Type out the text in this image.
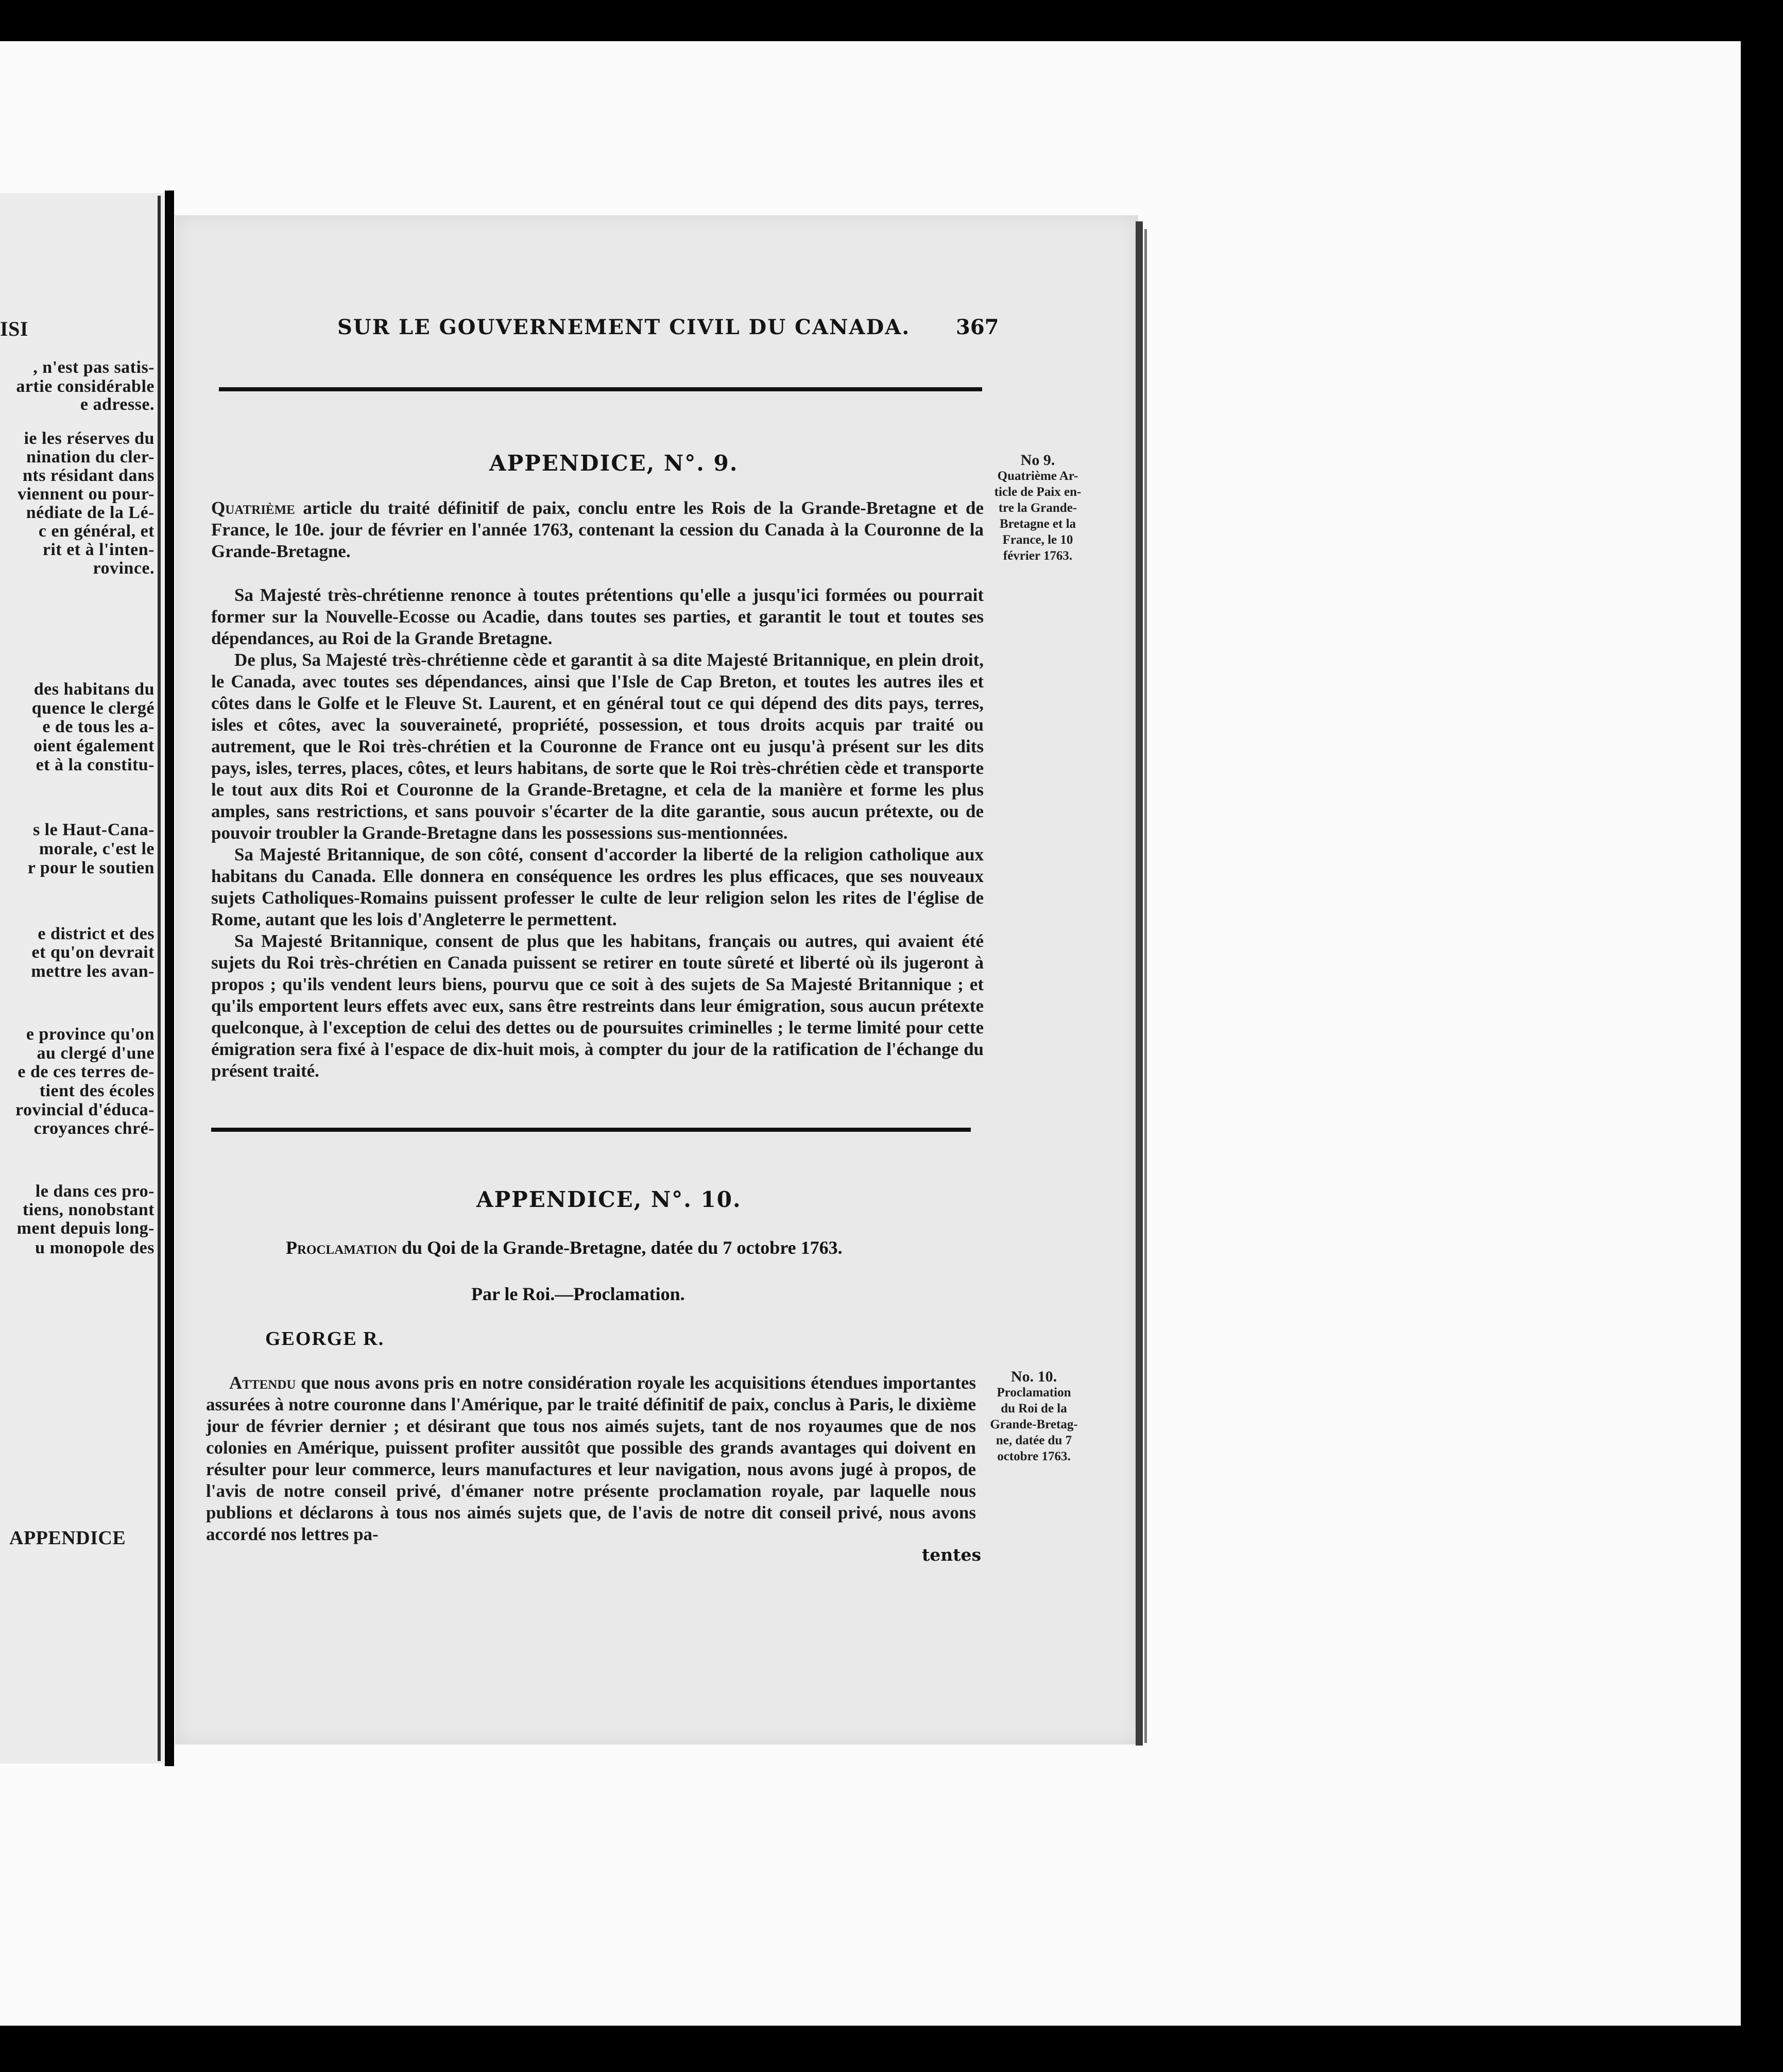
ISI
, n'est pas satis-
artie considérable
e adresse.
ie les réserves du
nination du cler-
nts résidant dans
viennent ou pour-
nédiate de la Lé-
c en général, et
rit et à l'inten-
rovince.
des habitans du
quence le clergé
e de tous les a-
oient également
et à la constitu-
s le Haut-Cana-
morale, c'est le
r pour le soutien
e district et des
et qu'on devrait
mettre les avan-
e province qu'on
au clergé d'une
e de ces terres de-
tient des écoles
rovincial d'éduca-
croyances chré-
le dans ces pro-
tiens, nonobstant
ment depuis long-
u monopole des
APPENDICE
SUR LE GOUVERNEMENT CIVIL DU CANADA. 367
APPENDICE, N°. 9.
Quatrième article du traité définitif de paix, conclu entre les Rois de la Grande-Bretagne et de France, le 10e. jour de février en l'année 1763, contenant la cession du Canada à la Couronne de la Grande-Bretagne.
No 9.
Quatrième Ar-
ticle de Paix en-
tre la Grande-
Bretagne et la
France, le 10
février 1763.

Sa Majesté très-chrétienne renonce à toutes prétentions qu'elle a jusqu'ici formées ou pourrait former sur la Nouvelle-Ecosse ou Acadie, dans toutes ses parties, et garantit le tout et toutes ses dépendances, au Roi de la Grande Bretagne.

De plus, Sa Majesté très-chrétienne cède et garantit à sa dite Majesté Britannique, en plein droit, le Canada, avec toutes ses dépendances, ainsi que l'Isle de Cap Breton, et toutes les autres iles et côtes dans le Golfe et le Fleuve St. Laurent, et en général tout ce qui dépend des dits pays, terres, isles et côtes, avec la souveraineté, propriété, possession, et tous droits acquis par traité ou autrement, que le Roi très-chrétien et la Couronne de France ont eu jusqu'à présent sur les dits pays, isles, terres, places, côtes, et leurs habitans, de sorte que le Roi très-chrétien cède et transporte le tout aux dits Roi et Couronne de la Grande-Bretagne, et cela de la manière et forme les plus amples, sans restrictions, et sans pouvoir s'écarter de la dite garantie, sous aucun prétexte, ou de pouvoir troubler la Grande-Bretagne dans les possessions sus-mentionnées.

Sa Majesté Britannique, de son côté, consent d'accorder la liberté de la religion catholique aux habitans du Canada. Elle donnera en conséquence les ordres les plus efficaces, que ses nouveaux sujets Catholiques-Romains puissent professer le culte de leur religion selon les rites de l'église de Rome, autant que les lois d'Angleterre le permettent.

Sa Majesté Britannique, consent de plus que les habitans, français ou autres, qui avaient été sujets du Roi très-chrétien en Canada puissent se retirer en toute sûreté et liberté où ils jugeront à propos ; qu'ils vendent leurs biens, pourvu que ce soit à des sujets de Sa Majesté Britannique ; et qu'ils emportent leurs effets avec eux, sans être restreints dans leur émigration, sous aucun prétexte quelconque, à l'exception de celui des dettes ou de poursuites criminelles ; le terme limité pour cette émigration sera fixé à l'espace de dix-huit mois, à compter du jour de la ratification de l'échange du présent traité.

APPENDICE, N°. 10.
Proclamation du Qoi de la Grande-Bretagne, datée du 7 octobre 1763.
Par le Roi.—Proclamation.
GEORGE R.
No. 10.
Proclamation
du Roi de la
Grande-Bretag-
ne, datée du 7
octobre 1763.

Attendu que nous avons pris en notre considération royale les acquisitions étendues importantes assurées à notre couronne dans l'Amérique, par le traité définitif de paix, conclus à Paris, le dixième jour de février dernier ; et désirant que tous nos aimés sujets, tant de nos royaumes que de nos colonies en Amérique, puissent profiter aussitôt que possible des grands avantages qui doivent en résulter pour leur commerce, leurs manufactures et leur navigation, nous avons jugé à propos, de l'avis de notre conseil privé, d'émaner notre présente proclamation royale, par laquelle nous publions et déclarons à tous nos aimés sujets que, de l'avis de notre dit conseil privé, nous avons accordé nos lettres pa-

tentes
